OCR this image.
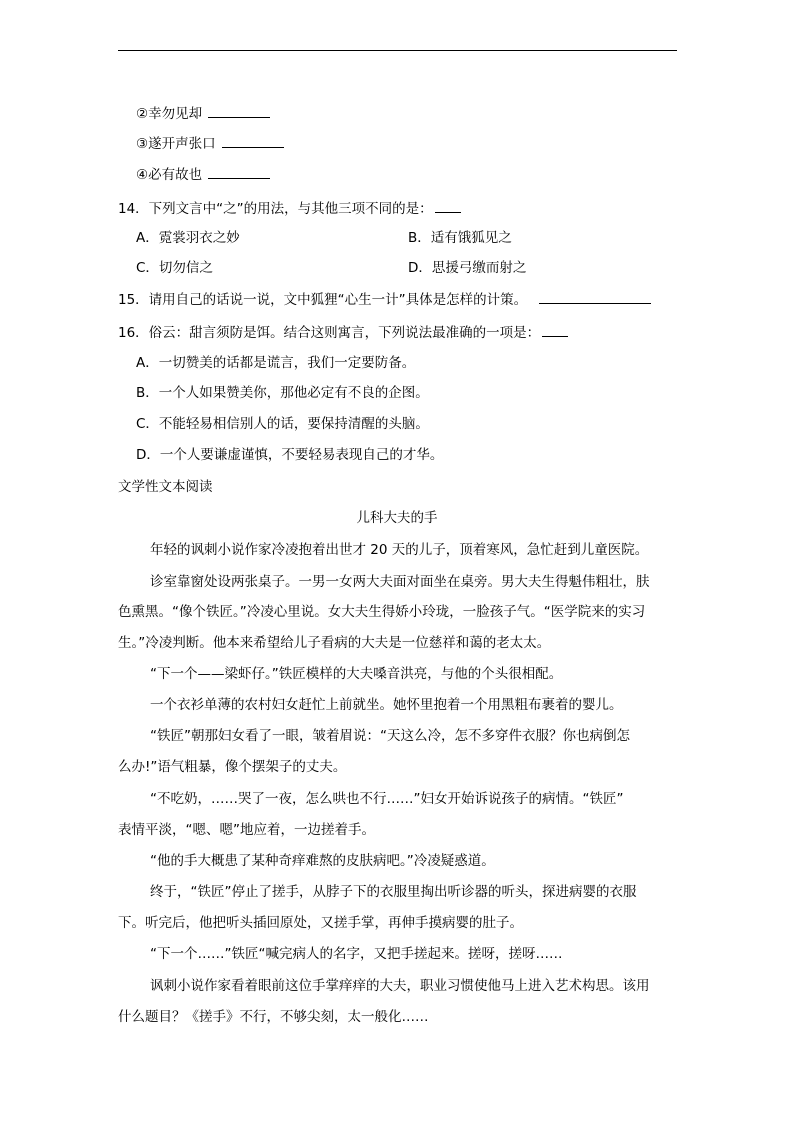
②幸勿见却
③遂开声张口
④必有故也
14．下列文言中“之”的用法，与其他三项不同的是：
A．霓裳羽衣之妙	B．适有饿狐见之
C．切勿信之	D．思援弓缴而射之
15．请用自己的话说一说，文中狐狸“心生一计”具体是怎样的计策。
16．俗云：甜言须防是饵。结合这则寓言，下列说法最准确的一项是：
A．一切赞美的话都是谎言，我们一定要防备。
B．一个人如果赞美你，那他必定有不良的企图。
C．不能轻易相信别人的话，要保持清醒的头脑。
D．一个人要谦虚谨慎，不要轻易表现自己的才华。
文学性文本阅读
儿科大夫的手
年轻的讽刺小说作家冷凌抱着出世才 20 天的儿子，顶着寒风，急忙赶到儿童医院。
诊室靠窗处设两张桌子。一男一女两大夫面对面坐在桌旁。男大夫生得魁伟粗壮，肤
色熏黑。“像个铁匠。”冷凌心里说。女大夫生得娇小玲珑，一脸孩子气。“医学院来的实习
生。”冷凌判断。他本来希望给儿子看病的大夫是一位慈祥和蔼的老太太。
“下一个——梁虾仔。”铁匠模样的大夫嗓音洪亮，与他的个头很相配。
一个衣衫单薄的农村妇女赶忙上前就坐。她怀里抱着一个用黑粗布裹着的婴儿。
“铁匠”朝那妇女看了一眼，皱着眉说：“天这么冷，怎不多穿件衣服？你也病倒怎
么办!”语气粗暴，像个摆架子的丈夫。
“不吃奶，……哭了一夜，怎么哄也不行……”妇女开始诉说孩子的病情。“铁匠”
表情平淡，“嗯、嗯”地应着，一边搓着手。
“他的手大概患了某种奇痒难熬的皮肤病吧。”冷凌疑惑道。
终于，“铁匠”停止了搓手，从脖子下的衣服里掏出听诊器的听头，探进病婴的衣服
下。听完后，他把听头插回原处，又搓手掌，再伸手摸病婴的肚子。
“下一个……”铁匠“喊完病人的名字，又把手搓起来。搓呀，搓呀……
讽刺小说作家看着眼前这位手掌痒痒的大夫，职业习惯使他马上进入艺术构思。该用
什么题目？《搓手》不行，不够尖刻，太一般化……
